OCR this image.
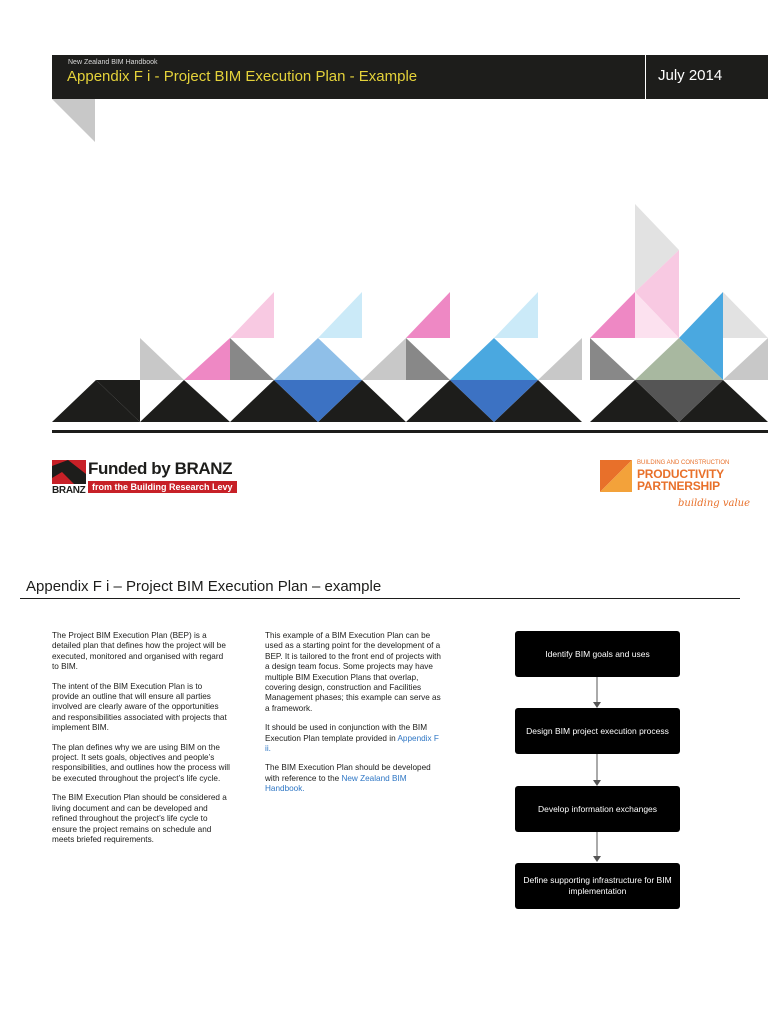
New Zealand BIM Handbook
Appendix F i - Project BIM Execution Plan - Example	July 2014
BRANZ
Funded by BRANZ
from the Building Research Levy
BUILDING AND CONSTRUCTION
PRODUCTIVITY
PARTNERSHIP
building value
Appendix F i – Project BIM Execution Plan – example

The Project BIM Execution Plan (BEP) is a detailed plan that defines how the project will be executed, monitored and organised with regard to BIM.

The intent of the BIM Execution Plan is to provide an outline that will ensure all parties involved are clearly aware of the opportunities and responsibilities associated with projects that implement BIM.

The plan defines why we are using BIM on the project. It sets goals, objectives and people’s responsibilities, and outlines how the process will be executed throughout the project’s life cycle.

The BIM Execution Plan should be considered a living document and can be developed and refined throughout the project’s life cycle to ensure the project remains on schedule and meets briefed requirements.

This example of a BIM Execution Plan can be used as a starting point for the development of a BEP. It is tailored to the front end of projects with a design team focus. Some projects may have multiple BIM Execution Plans that overlap, covering design, construction and Facilities Management phases; this example can serve as a framework.

It should be used in conjunction with the BIM Execution Plan template provided in Appendix F ii.

The BIM Execution Plan should be developed with reference to the New Zealand BIM Handbook.

Identify BIM goals and uses
Design BIM project execution process
Develop information exchanges
Define supporting infrastructure for BIM implementation
